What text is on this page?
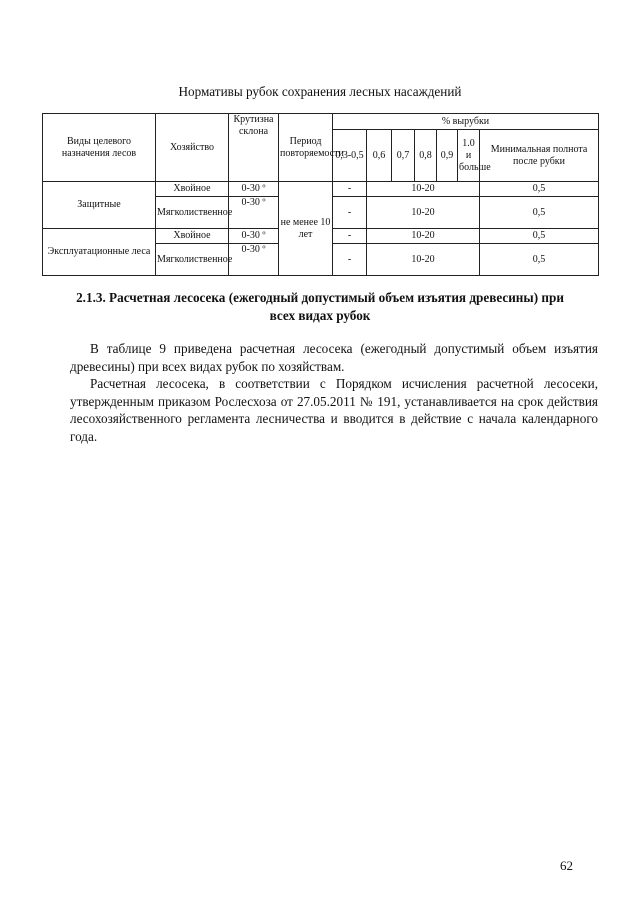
Нормативы рубок сохранения лесных насаждений
Виды целевого назначения лесов	Хозяйство	Крутизна склона	Период повторяемости	% вырубки						
				0,3-0,5	0,6	0,7	0,8	0,9	1.0 и больше	Минимальная полнота после рубки
Защитные	Хвойное	0-30 º	не менее 10 лет	-	10-20					0,5
	Мягколиственное	0-30 º		-	10-20					0,5
Эксплуатационные леса	Хвойное	0-30 º		-	10-20					0,5
	Мягколиственное	0-30 º		-	10-20					0,5
2.1.3. Расчетная лесосека (ежегодный допустимый объем изъятия древесины) при всех видах рубок

В таблице 9 приведена расчетная лесосека (ежегодный допустимый объем изъятия древесины) при всех видах рубок по хозяйствам.

Расчетная лесосека, в соответствии с Порядком исчисления расчетной лесосеки, утвержденным приказом Рослесхоза от 27.05.2011 № 191, устанавливается на срок действия лесохозяйственного регламента лесничества и вводится в действие с начала календарного года.

62
